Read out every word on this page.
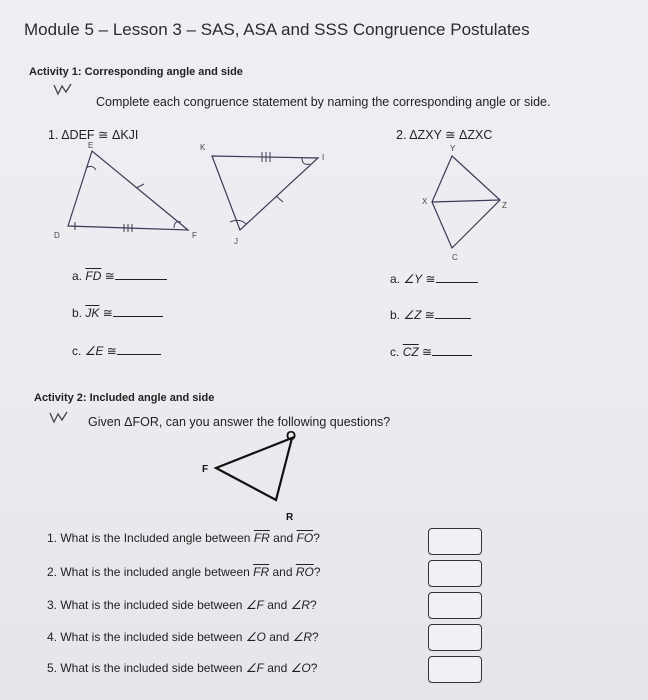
Module 5 – Lesson 3 – SAS, ASA and SSS Congruence Postulates
Activity 1: Corresponding angle and side
Complete each congruence statement by naming the corresponding angle or side.
1. ΔDEF ≅ ΔKJI	2. ΔZXY ≅ ΔZXC
E
D	F
K
I
J
Y
X	Z
C
a. $\overline{FD}$ ≅
b. $\overline{JK}$ ≅
c. ∠E ≅
a. ∠Y ≅
b. ∠Z ≅
c. $\overline{CZ}$ ≅
Activity 2: Included angle and side
Given ΔFOR, can you answer the following questions?
F
O
R
1. What is the Included angle between $\overline{FR}$ and $\overline{FO}$?
2. What is the included angle between $\overline{FR}$ and $\overline{RO}$?
3. What is the included side between ∠F and ∠R?
4. What is the included side between ∠O and ∠R?
5. What is the included side between ∠F and ∠O?
